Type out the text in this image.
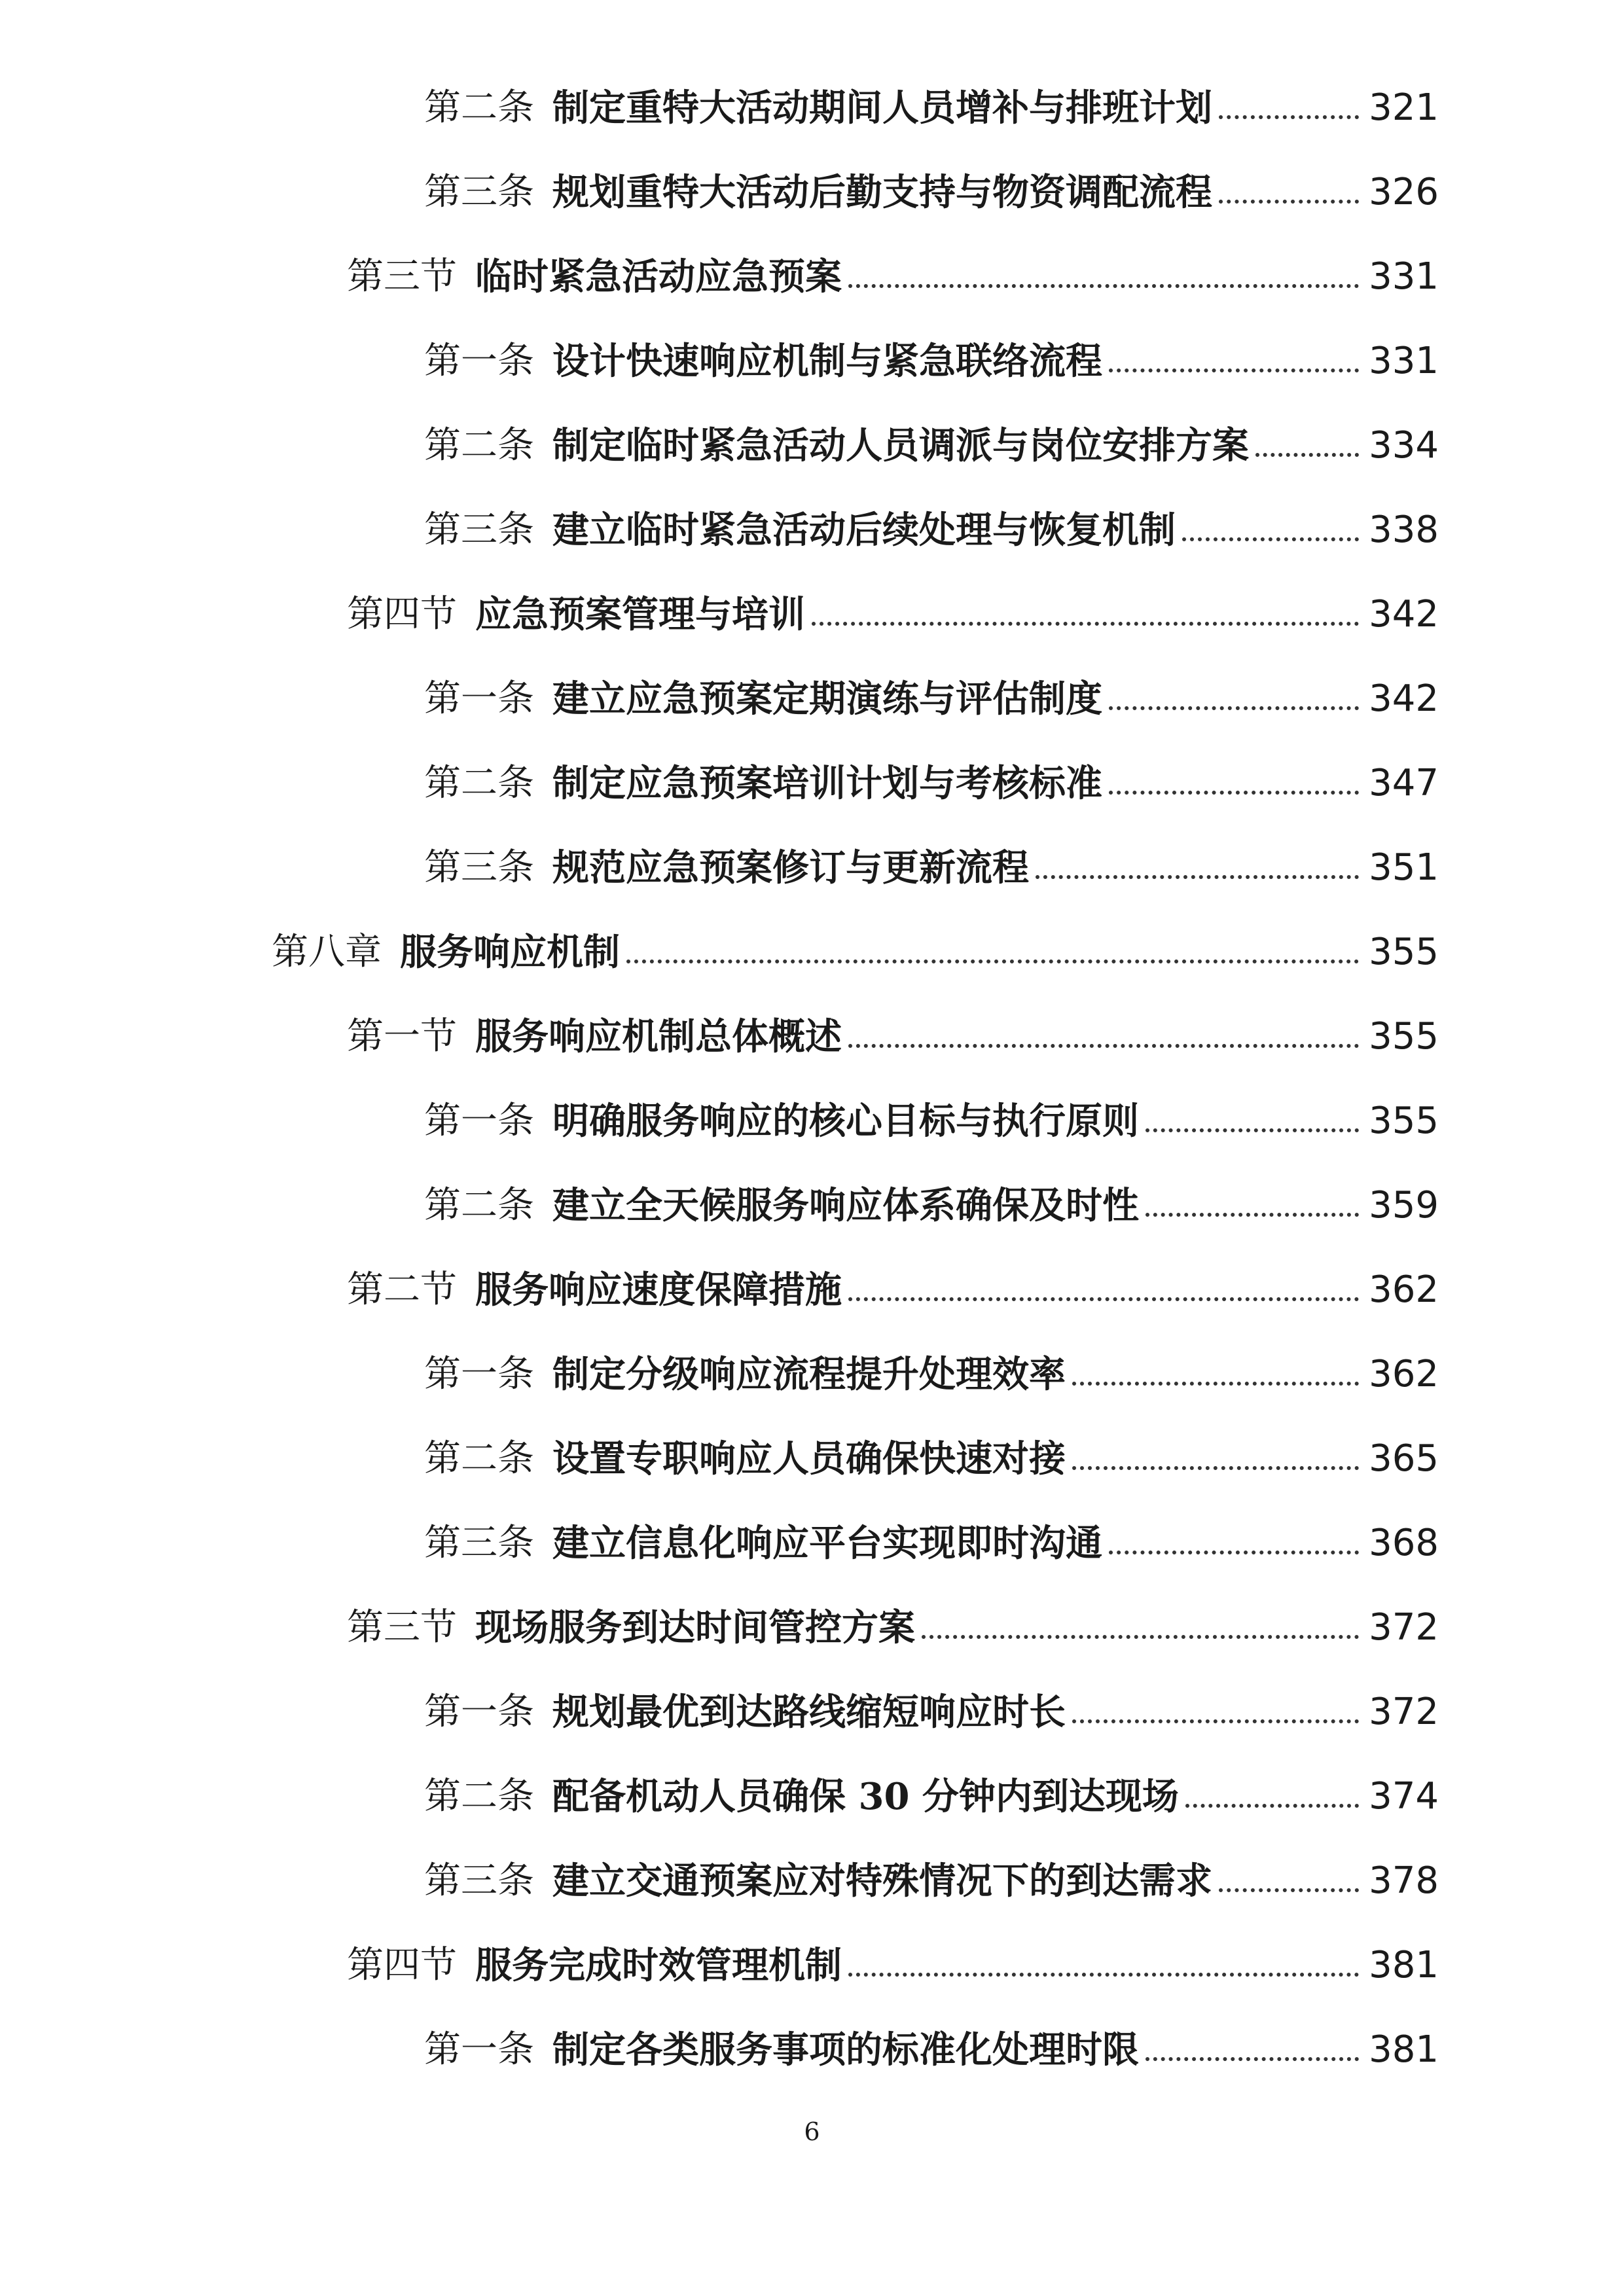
第二条 制定重特大活动期间人员增补与排班计划	321
第三条 规划重特大活动后勤支持与物资调配流程	326
第三节 临时紧急活动应急预案	331
第一条 设计快速响应机制与紧急联络流程	331
第二条 制定临时紧急活动人员调派与岗位安排方案	334
第三条 建立临时紧急活动后续处理与恢复机制	338
第四节 应急预案管理与培训	342
第一条 建立应急预案定期演练与评估制度	342
第二条 制定应急预案培训计划与考核标准	347
第三条 规范应急预案修订与更新流程	351
第八章 服务响应机制	355
第一节 服务响应机制总体概述	355
第一条 明确服务响应的核心目标与执行原则	355
第二条 建立全天候服务响应体系确保及时性	359
第二节 服务响应速度保障措施	362
第一条 制定分级响应流程提升处理效率	362
第二条 设置专职响应人员确保快速对接	365
第三条 建立信息化响应平台实现即时沟通	368
第三节 现场服务到达时间管控方案	372
第一条 规划最优到达路线缩短响应时长	372
第二条 配备机动人员确保 30 分钟内到达现场	374
第三条 建立交通预案应对特殊情况下的到达需求	378
第四节 服务完成时效管理机制	381
第一条 制定各类服务事项的标准化处理时限	381
6
